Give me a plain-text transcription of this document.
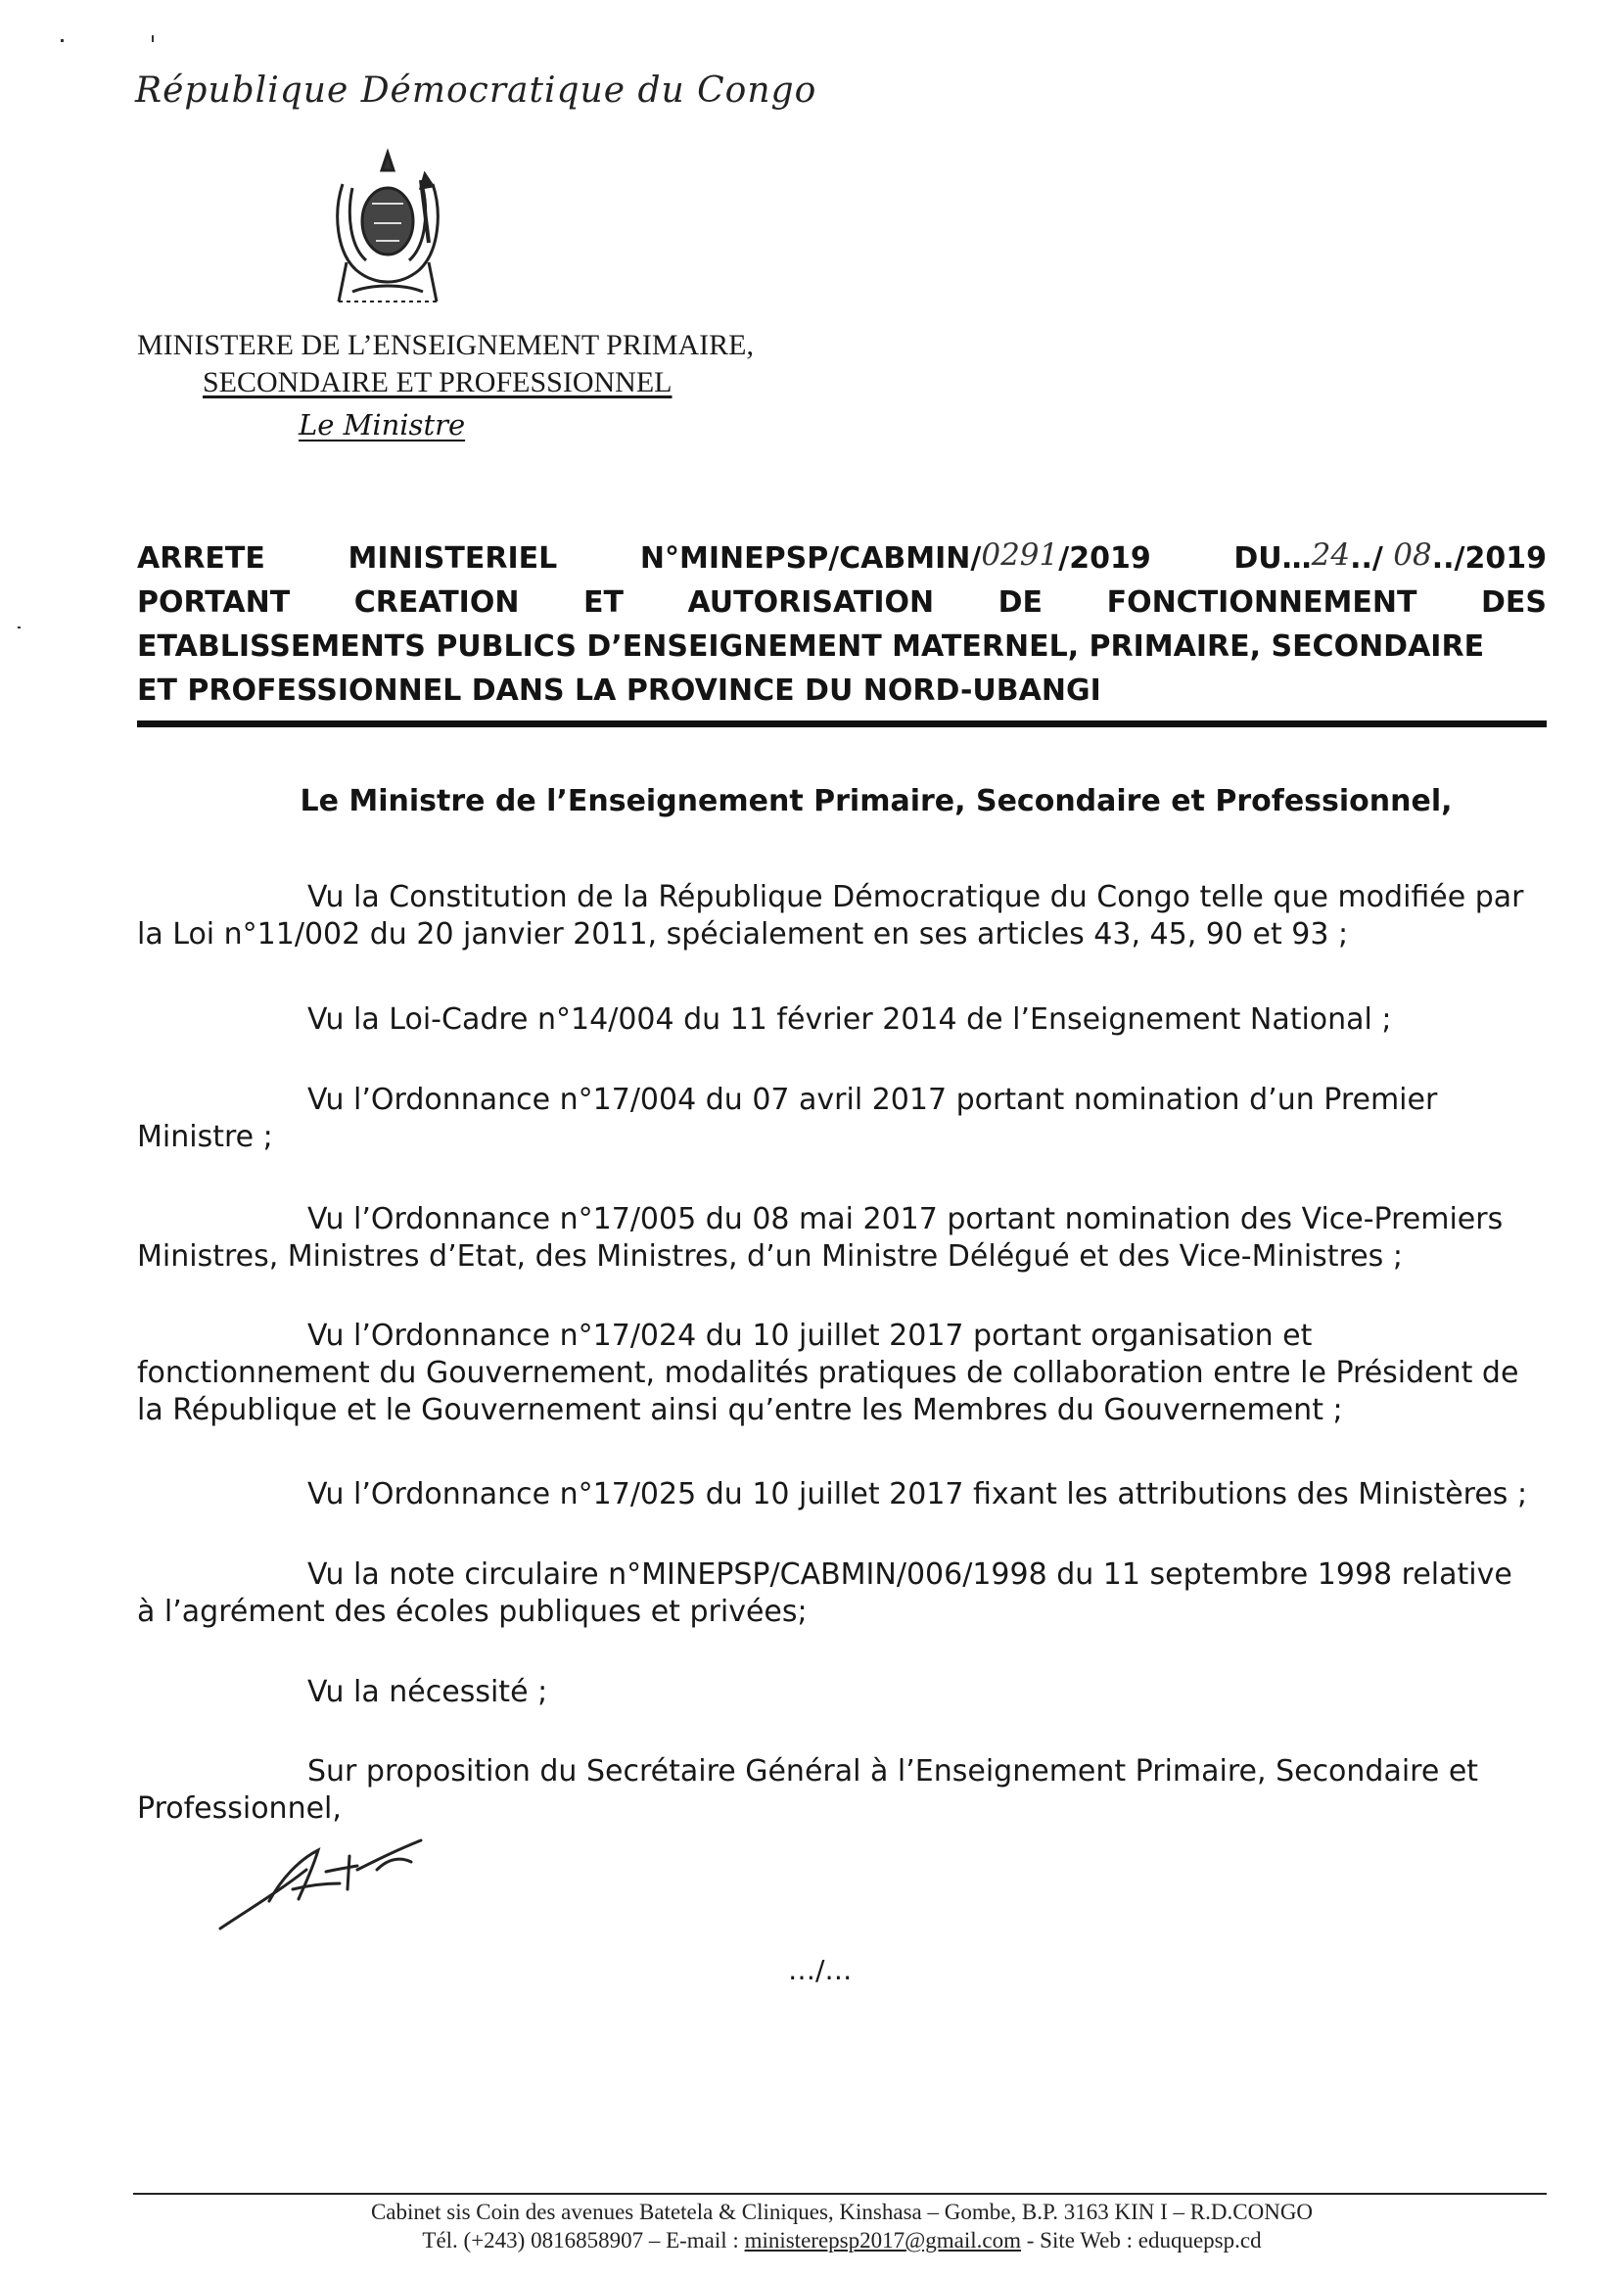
République Démocratique du Congo
MINISTERE DE L’ENSEIGNEMENT PRIMAIRE,
SECONDAIRE ET PROFESSIONNEL
Le Ministre
ARRETE	MINISTERIEL	N°MINEPSP/CABMIN/0291/2019	DU…24../ 08../2019
PORTANT CREATION ET AUTORISATION DE FONCTIONNEMENT DES
ETABLISSEMENTS PUBLICS D’ENSEIGNEMENT MATERNEL, PRIMAIRE, SECONDAIRE
ET PROFESSIONNEL DANS LA PROVINCE DU NORD-UBANGI
Le Ministre de l’Enseignement Primaire, Secondaire et Professionnel,
Vu la Constitution de la République Démocratique du Congo telle que modifiée par
la Loi n°11/002 du 20 janvier 2011, spécialement en ses articles 43, 45, 90 et 93 ;
Vu la Loi-Cadre n°14/004 du 11 février 2014 de l’Enseignement National ;
Vu l’Ordonnance n°17/004 du 07 avril 2017 portant nomination d’un Premier
Ministre ;
Vu l’Ordonnance n°17/005 du 08 mai 2017 portant nomination des Vice-Premiers
Ministres, Ministres d’Etat, des Ministres, d’un Ministre Délégué et des Vice-Ministres ;
Vu l’Ordonnance n°17/024 du 10 juillet 2017 portant organisation et
fonctionnement du Gouvernement, modalités pratiques de collaboration entre le Président de
la République et le Gouvernement ainsi qu’entre les Membres du Gouvernement ;
Vu l’Ordonnance n°17/025 du 10 juillet 2017 fixant les attributions des Ministères ;
Vu la note circulaire n°MINEPSP/CABMIN/006/1998 du 11 septembre 1998 relative
à l’agrément des écoles publiques et privées;
Vu la nécessité ;
Sur proposition du Secrétaire Général à l’Enseignement Primaire, Secondaire et
Professionnel,
…/…
Cabinet sis Coin des avenues Batetela & Cliniques, Kinshasa – Gombe, B.P. 3163 KIN I – R.D.CONGO
Tél. (+243) 0816858907 – E-mail : ministerepsp2017@gmail.com - Site Web : eduquepsp.cd
